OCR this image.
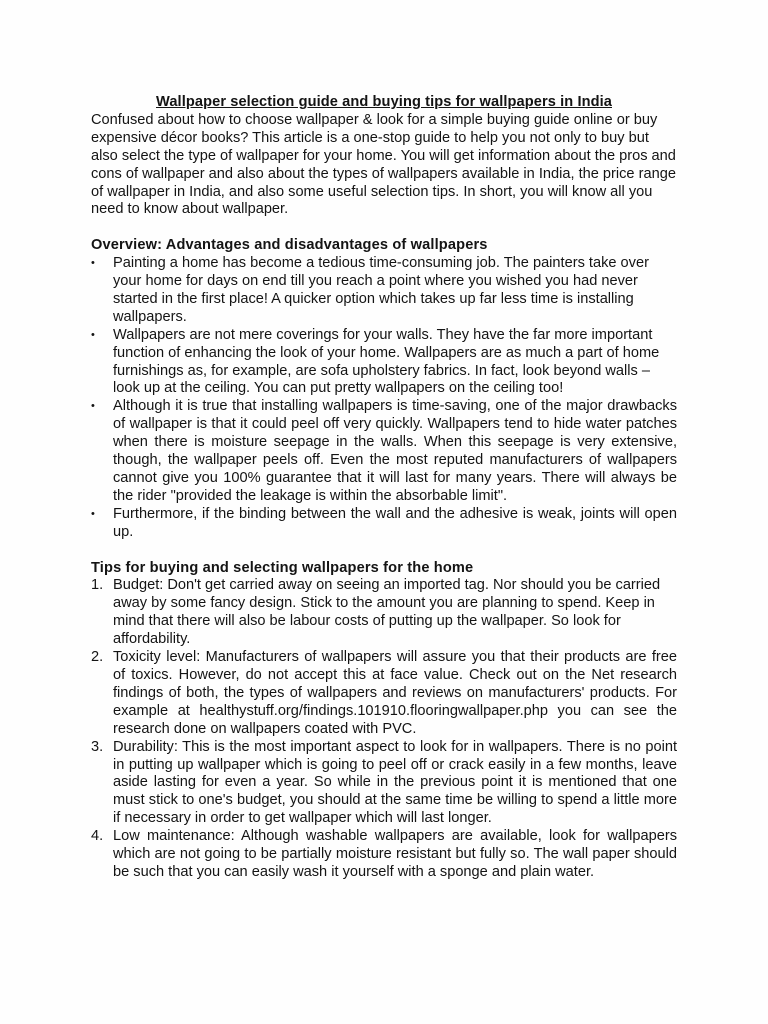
Wallpaper selection guide and buying tips for wallpapers in India

Confused about how to choose wallpaper & look for a simple buying guide online or buy expensive décor books? This article is a one-stop guide to help you not only to buy but also select the type of wallpaper for your home. You will get information about the pros and cons of wallpaper and also about the types of wallpapers available in India, the price range of wallpaper in India, and also some useful selection tips. In short, you will know all you need to know about wallpaper.

Overview: Advantages and disadvantages of wallpapers

•	Painting a home has become a tedious time-consuming job. The painters take over your home for days on end till you reach a point where you wished you had never started in the first place! A quicker option which takes up far less time is installing wallpapers.
•	Wallpapers are not mere coverings for your walls. They have the far more important function of enhancing the look of your home. Wallpapers are as much a part of home furnishings as, for example, are sofa upholstery fabrics. In fact, look beyond walls – look up at the ceiling. You can put pretty wallpapers on the ceiling too!
•	Although it is true that installing wallpapers is time-saving, one of the major drawbacks of wallpaper is that it could peel off very quickly. Wallpapers tend to hide water patches when there is moisture seepage in the walls. When this seepage is very extensive, though, the wallpaper peels off. Even the most reputed manufacturers of wallpapers cannot give you 100% guarantee that it will last for many years. There will always be the rider "provided the leakage is within the absorbable limit".
•	Furthermore, if the binding between the wall and the adhesive is weak, joints will open up.

Tips for buying and selecting wallpapers for the home

1. Budget: Don't get carried away on seeing an imported tag. Nor should you be carried away by some fancy design. Stick to the amount you are planning to spend. Keep in mind that there will also be labour costs of putting up the wallpaper. So look for affordability.
2. Toxicity level: Manufacturers of wallpapers will assure you that their products are free of toxics. However, do not accept this at face value. Check out on the Net research findings of both, the types of wallpapers and reviews on manufacturers' products. For example at healthystuff.org/findings.101910.flooringwallpaper.php you can see the research done on wallpapers coated with PVC.
3. Durability: This is the most important aspect to look for in wallpapers. There is no point in putting up wallpaper which is going to peel off or crack easily in a few months, leave aside lasting for even a year. So while in the previous point it is mentioned that one must stick to one's budget, you should at the same time be willing to spend a little more if necessary in order to get wallpaper which will last longer.
4. Low maintenance: Although washable wallpapers are available, look for wallpapers which are not going to be partially moisture resistant but fully so. The wall paper should be such that you can easily wash it yourself with a sponge and plain water.
